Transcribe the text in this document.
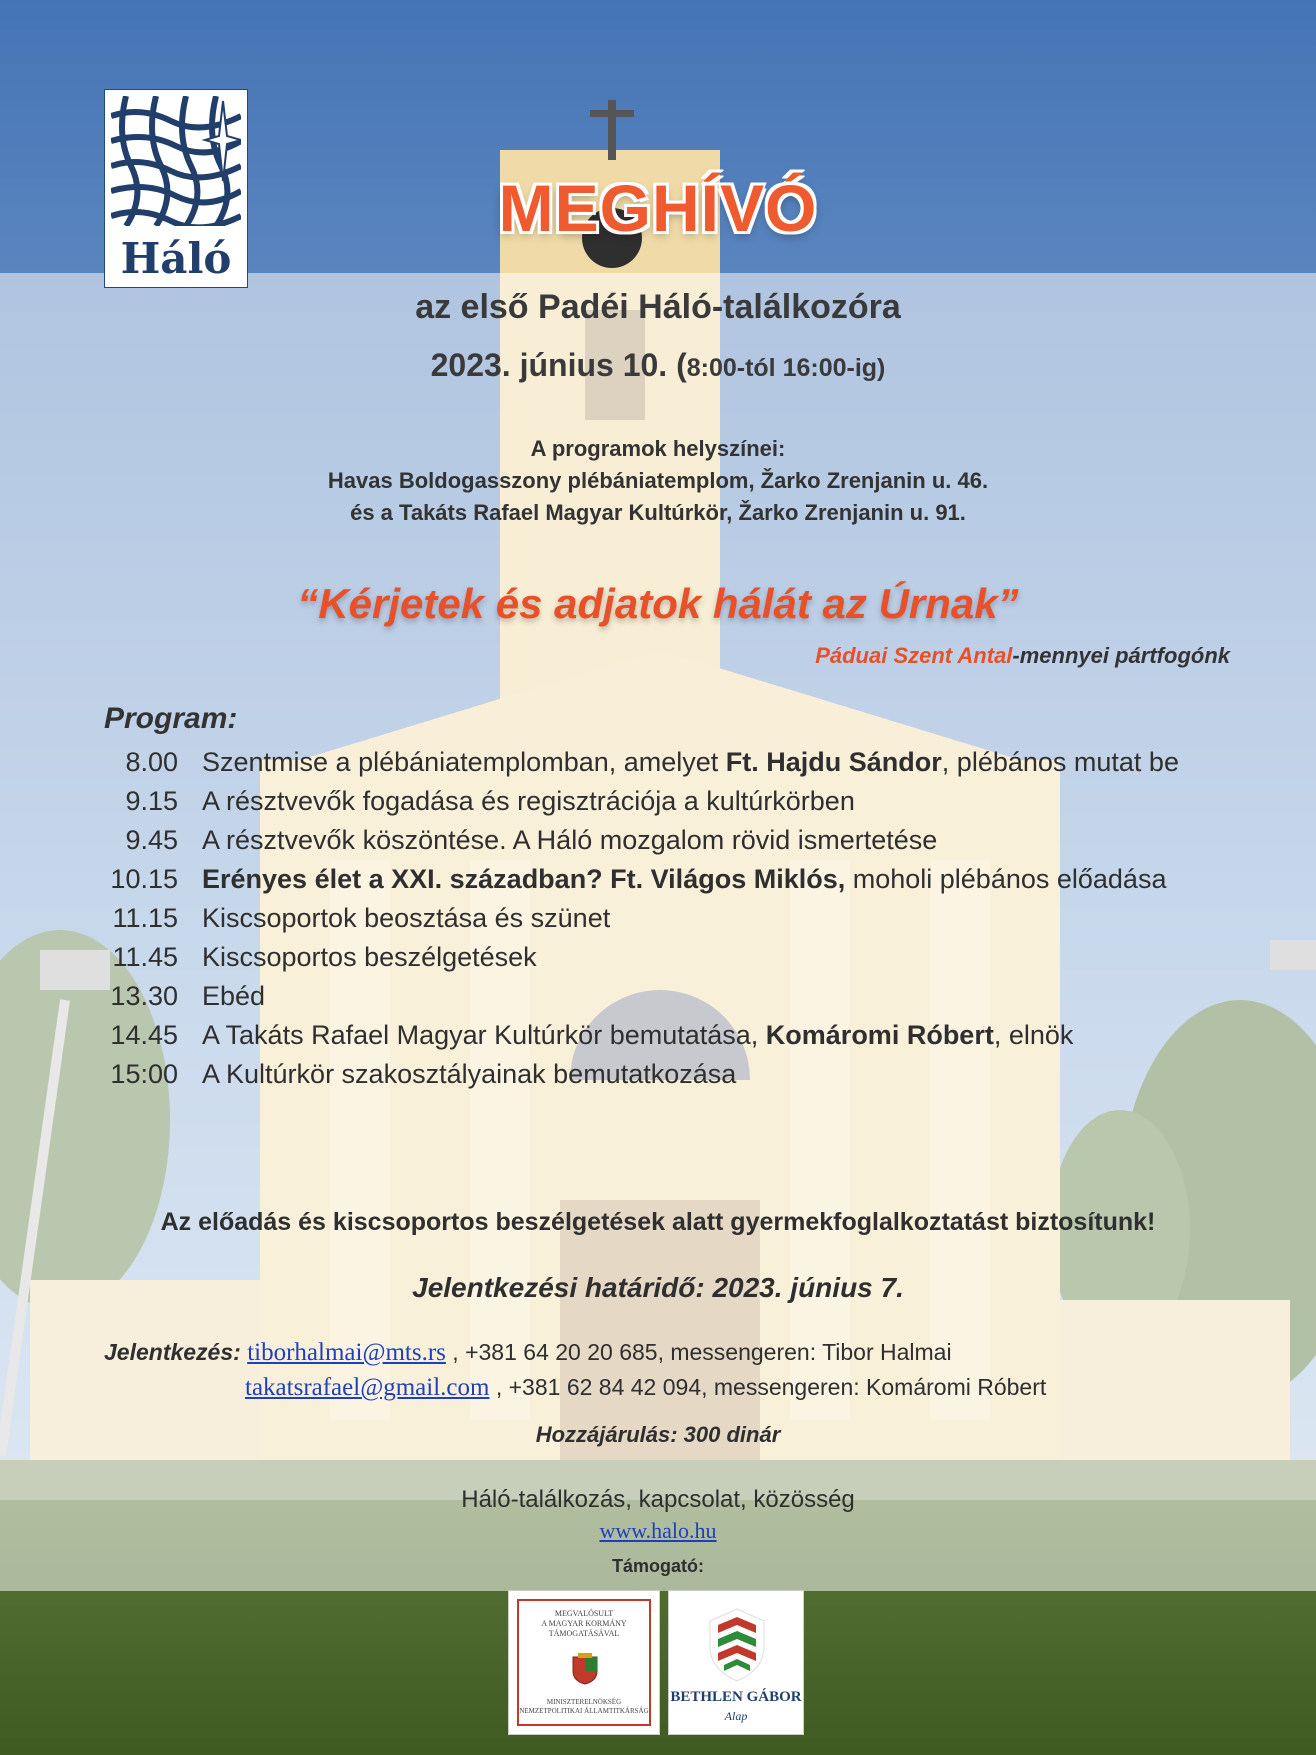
Háló
MEGHÍVÓ
az első Padéi Háló-találkozóra
2023. június 10. (8:00-tól 16:00-ig)
A programok helyszínei:
Havas Boldogasszony plébániatemplom, Žarko Zrenjanin u. 46.
és a Takáts Rafael Magyar Kultúrkör, Žarko Zrenjanin u. 91.
“Kérjetek és adjatok hálát az Úrnak”
Páduai Szent Antal-mennyei pártfogónk
Program:
8.00 Szentmise a plébániatemplomban, amelyet Ft. Hajdu Sándor, plébános mutat be
9.15 A résztvevők fogadása és regisztrációja a kultúrkörben
9.45 A résztvevők köszöntése. A Háló mozgalom rövid ismertetése
10.15 Erényes élet a XXI. században? Ft. Világos Miklós, moholi plébános előadása
11.15 Kiscsoportok beosztása és szünet
11.45 Kiscsoportos beszélgetések
13.30 Ebéd
14.45 A Takáts Rafael Magyar Kultúrkör bemutatása, Komáromi Róbert, elnök
15:00 A Kultúrkör szakosztályainak bemutatkozása
Az előadás és kiscsoportos beszélgetések alatt gyermekfoglalkoztatást biztosítunk!
Jelentkezési határidő: 2023. június 7.
Jelentkezés: tiborhalmai@mts.rs , +381 64 20 20 685, messengeren: Tibor Halmai
takatsrafael@gmail.com , +381 62 84 42 094, messengeren: Komáromi Róbert
Hozzájárulás: 300 dinár
Háló-találkozás, kapcsolat, közösség
www.halo.hu
Támogató:
MEGVALÓSULT
A MAGYAR KORMÁNY
TÁMOGATÁSÁVAL
MINISZTERELNÖKSÉG
NEMZETPOLITIKAI ÁLLAMTITKÁRSÁG
BETHLEN GÁBOR
Alap
